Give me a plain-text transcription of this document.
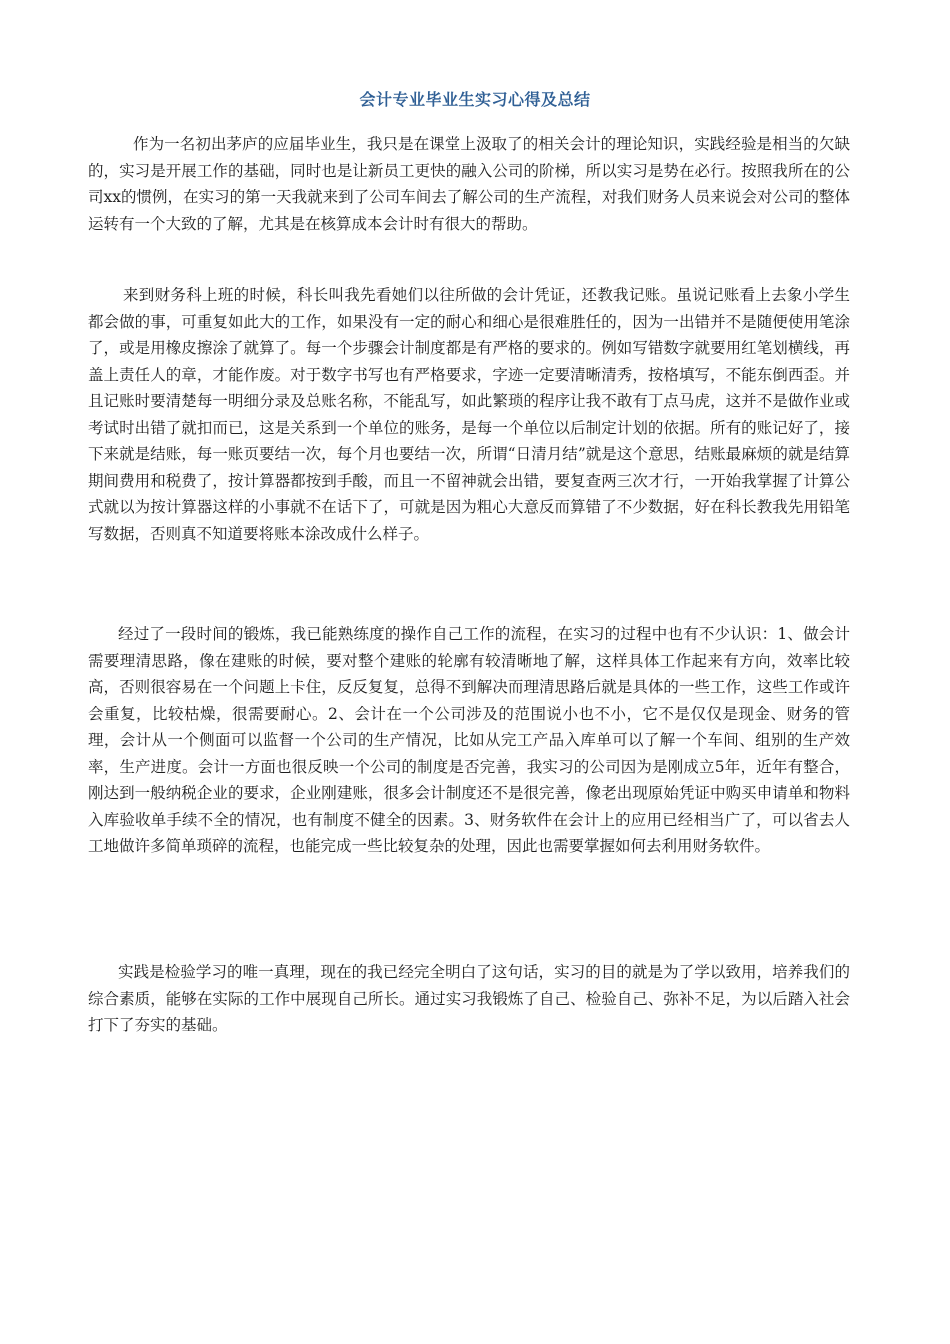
会计专业毕业生实习心得及总结

作为一名初出茅庐的应届毕业生，我只是在课堂上汲取了的相关会计的理论知识，实践经验是相当的欠缺的，实习是开展工作的基础，同时也是让新员工更快的融入公司的阶梯，所以实习是势在必行。按照我所在的公司xx的惯例，在实习的第一天我就来到了公司车间去了解公司的生产流程，对我们财务人员来说会对公司的整体运转有一个大致的了解，尤其是在核算成本会计时有很大的帮助。

来到财务科上班的时候，科长叫我先看她们以往所做的会计凭证，还教我记账。虽说记账看上去象小学生都会做的事，可重复如此大的工作，如果没有一定的耐心和细心是很难胜任的，因为一出错并不是随便使用笔涂了，或是用橡皮擦涂了就算了。每一个步骤会计制度都是有严格的要求的。例如写错数字就要用红笔划横线，再盖上责任人的章，才能作废。对于数字书写也有严格要求，字迹一定要清晰清秀，按格填写，不能东倒西歪。并且记账时要清楚每一明细分录及总账名称，不能乱写，如此繁琐的程序让我不敢有丁点马虎，这并不是做作业或考试时出错了就扣而已，这是关系到一个单位的账务，是每一个单位以后制定计划的依据。所有的账记好了，接下来就是结账，每一账页要结一次，每个月也要结一次，所谓“日清月结”就是这个意思，结账最麻烦的就是结算期间费用和税费了，按计算器都按到手酸，而且一不留神就会出错，要复查两三次才行，一开始我掌握了计算公式就以为按计算器这样的小事就不在话下了，可就是因为粗心大意反而算错了不少数据，好在科长教我先用铅笔写数据，否则真不知道要将账本涂改成什么样子。

经过了一段时间的锻炼，我已能熟练度的操作自己工作的流程，在实习的过程中也有不少认识：1、做会计需要理清思路，像在建账的时候，要对整个建账的轮廓有较清晰地了解，这样具体工作起来有方向，效率比较高，否则很容易在一个问题上卡住，反反复复，总得不到解决而理清思路后就是具体的一些工作，这些工作或许会重复，比较枯燥，很需要耐心。2、会计在一个公司涉及的范围说小也不小，它不是仅仅是现金、财务的管理，会计从一个侧面可以监督一个公司的生产情况，比如从完工产品入库单可以了解一个车间、组别的生产效率，生产进度。会计一方面也很反映一个公司的制度是否完善，我实习的公司因为是刚成立5年，近年有整合，刚达到一般纳税企业的要求，企业刚建账，很多会计制度还不是很完善，像老出现原始凭证中购买申请单和物料入库验收单手续不全的情况，也有制度不健全的因素。3、财务软件在会计上的应用已经相当广了，可以省去人工地做许多简单琐碎的流程，也能完成一些比较复杂的处理，因此也需要掌握如何去利用财务软件。

实践是检验学习的唯一真理，现在的我已经完全明白了这句话，实习的目的就是为了学以致用，培养我们的综合素质，能够在实际的工作中展现自己所长。通过实习我锻炼了自己、检验自己、弥补不足，为以后踏入社会打下了夯实的基础。
